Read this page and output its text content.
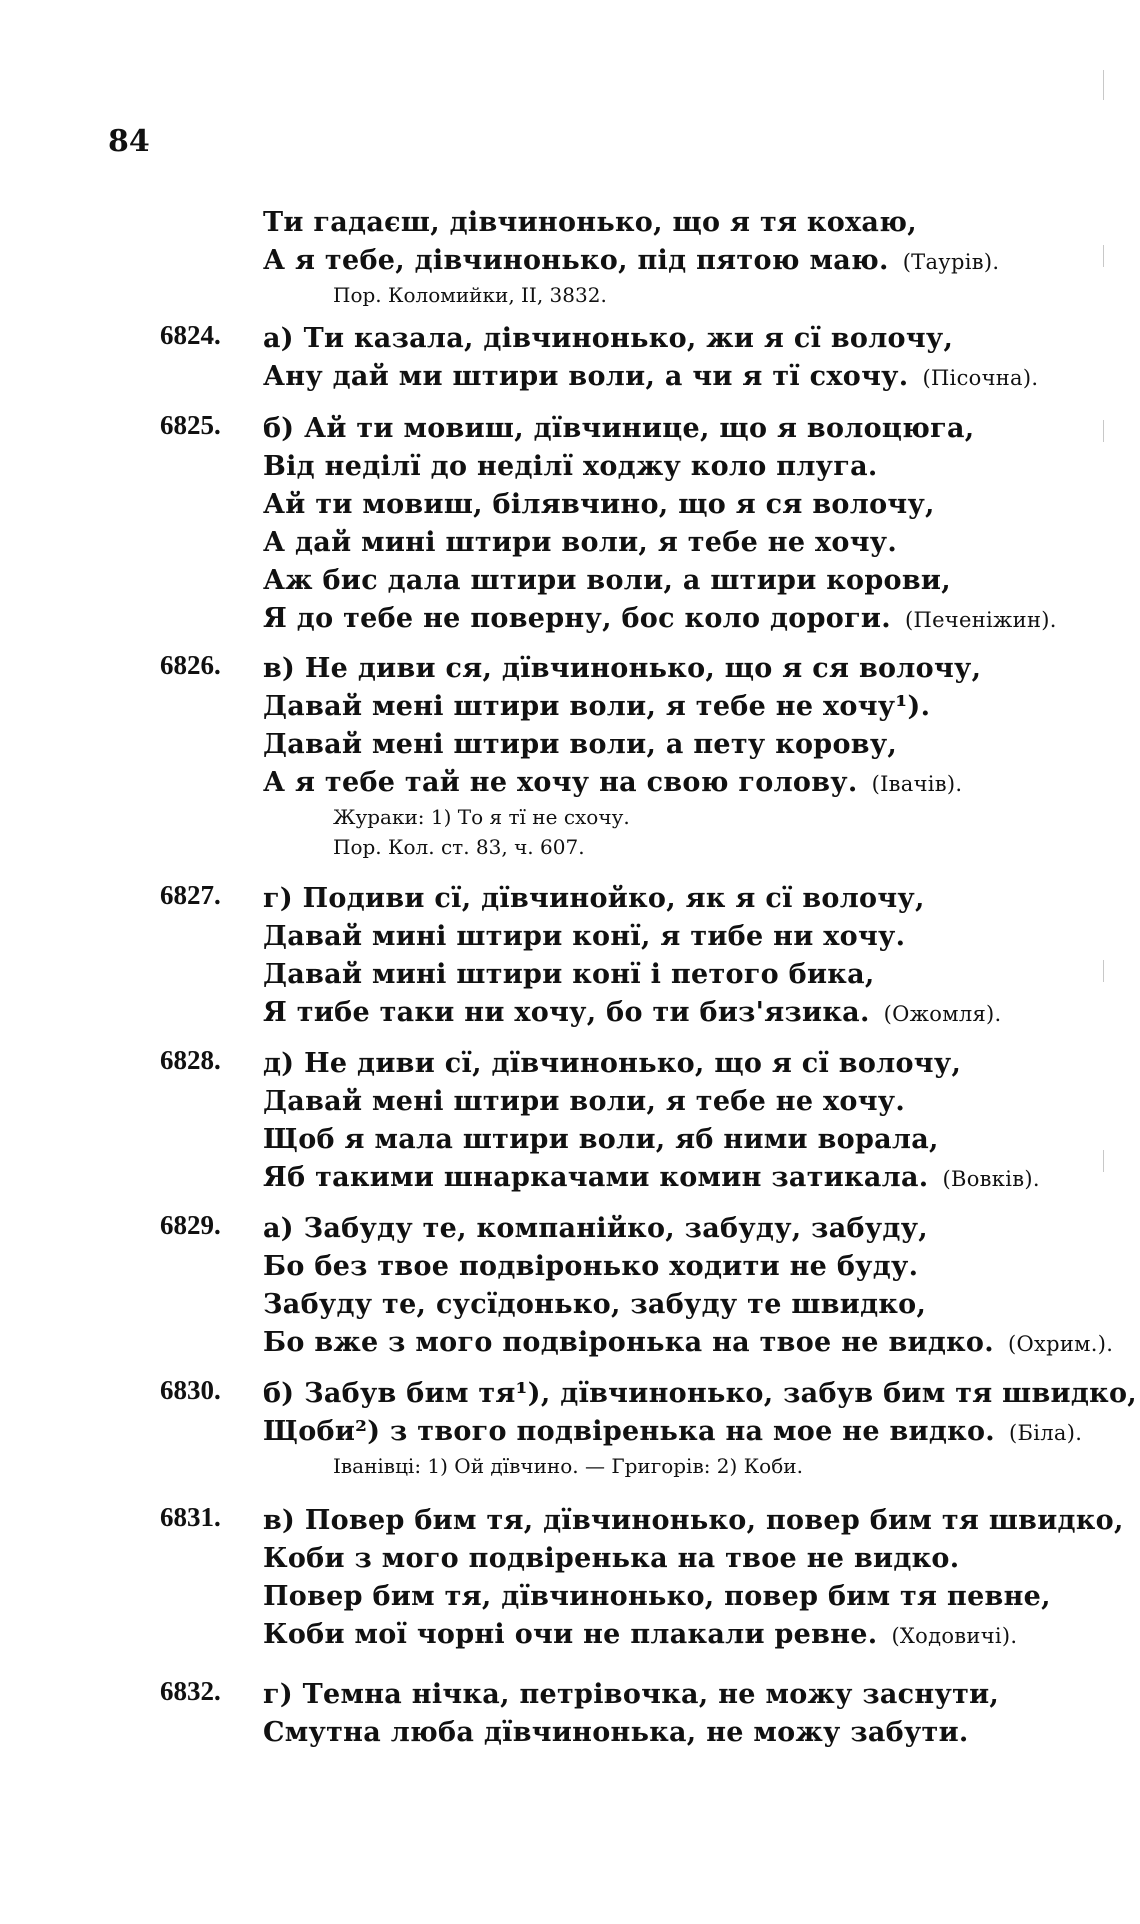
84
Ти гадаєш, дівчинонько, що я тя кохаю,
А я тебе, дівчинонько, під пятою маю. (Таурів).
Пор. Коломийки, II, 3832.
6824. а) Ти казала, дівчинонько, жи я сї волочу,
Ану дай ми штири воли, а чи я тї схочу. (Пісочна).
6825. б) Ай ти мовиш, дївчинице, що я волоцюга,
Від неділї до неділї ходжу коло плуга.
Ай ти мовиш, білявчино, що я ся волочу,
А дай мині штири воли, я тебе не хочу.
Аж бис дала штири воли, а штири корови,
Я до тебе не поверну, бос коло дороги. (Печеніжин).
6826. в) Не диви ся, дївчинонько, що я ся волочу,
Давай мені штири воли, я тебе не хочу¹).
Давай мені штири воли, а пету корову,
А я тебе тай не хочу на свою голову. (Івачів).
Жураки: 1) То я тї не схочу.
Пор. Кол. ст. 83, ч. 607.
6827. г) Подиви сї, дївчинойко, як я сї волочу,
Давай мині штири конї, я тибе ни хочу.
Давай мині штири конї і петого бика,
Я тибе таки ни хочу, бо ти биз'язика. (Ожомля).
6828. д) Не диви сї, дївчинонько, що я сї волочу,
Давай мені штири воли, я тебе не хочу.
Щоб я мала штири воли, яб ними ворала,
Яб такими шнаркачами комин затикала. (Вовків).
6829. а) Забуду те, компанійко, забуду, забуду,
Бо без твое подвіронько ходити не буду.
Забуду те, сусїдонько, забуду те швидко,
Бо вже з мого подвіронька на твое не видко. (Охрим.).
6830. б) Забув бим тя¹), дївчинонько, забув бим тя швидко,
Щоби²) з твого подвіренька на мое не видко. (Біла).
Іванівці: 1) Ой дївчино. — Григорів: 2) Коби.
6831. в) Повер бим тя, дївчинонько, повер бим тя швидко,
Коби з мого подвіренька на твое не видко.
Повер бим тя, дївчинонько, повер бим тя певне,
Коби мої чорні очи не плакали ревне. (Ходовичі).
6832. г) Темна нічка, петрівочка, не можу заснути,
Смутна люба дївчинонька, не можу забути.
